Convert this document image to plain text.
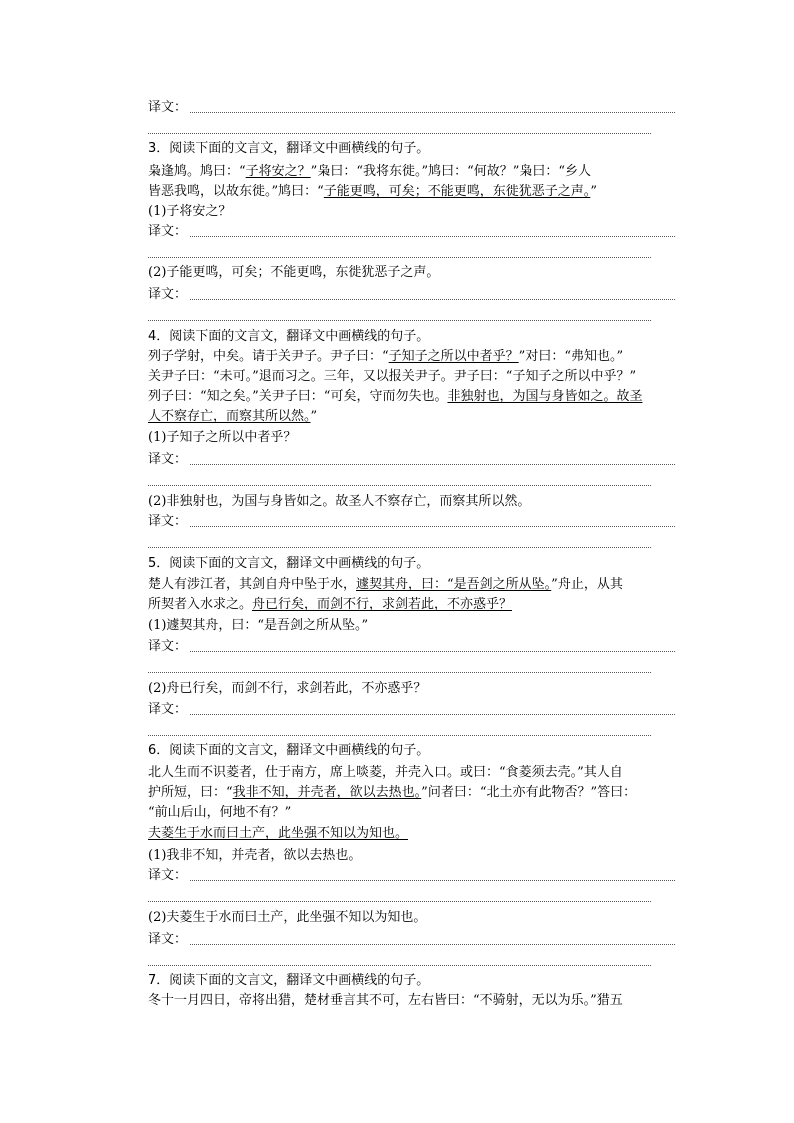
译文：
3．阅读下面的文言文，翻译文中画横线的句子。
枭逢鸠。鸠曰：“子将安之？”枭曰：“我将东徙。”鸠曰：“何故？”枭曰：“乡人
皆恶我鸣，以故东徙。”鸠曰：“子能更鸣，可矣；不能更鸣，东徙犹恶子之声。”
(1)子将安之？
译文：
(2)子能更鸣，可矣；不能更鸣，东徙犹恶子之声。
译文：
4．阅读下面的文言文，翻译文中画横线的句子。
列子学射，中矣。请于关尹子。尹子曰：“子知子之所以中者乎？”对曰：“弗知也。”
关尹子曰：“未可。”退而习之。三年，又以报关尹子。尹子曰：“子知子之所以中乎？”
列子曰：“知之矣。”关尹子曰：“可矣，守而勿失也。非独射也，为国与身皆如之。故圣
人不察存亡，而察其所以然。”
(1)子知子之所以中者乎？
译文：
(2)非独射也，为国与身皆如之。故圣人不察存亡，而察其所以然。
译文：
5．阅读下面的文言文，翻译文中画横线的句子。
楚人有涉江者，其剑自舟中坠于水，遽契其舟，曰：“是吾剑之所从坠。”舟止，从其
所契者入水求之。舟已行矣，而剑不行，求剑若此，不亦惑乎？
(1)遽契其舟，曰：“是吾剑之所从坠。”
译文：
(2)舟已行矣，而剑不行，求剑若此，不亦惑乎？
译文：
6．阅读下面的文言文，翻译文中画横线的句子。
北人生而不识菱者，仕于南方，席上啖菱，并壳入口。或曰：“食菱须去壳。”其人自
护所短，曰：“我非不知，并壳者，欲以去热也。”问者曰：“北土亦有此物否？”答曰：
“前山后山，何地不有？”
夫菱生于水而曰土产，此坐强不知以为知也。
(1)我非不知，并壳者，欲以去热也。
译文：
(2)夫菱生于水而曰土产，此坐强不知以为知也。
译文：
7．阅读下面的文言文，翻译文中画横线的句子。
冬十一月四日，帝将出猎，楚材垂言其不可，左右皆曰：“不骑射，无以为乐。”猎五
